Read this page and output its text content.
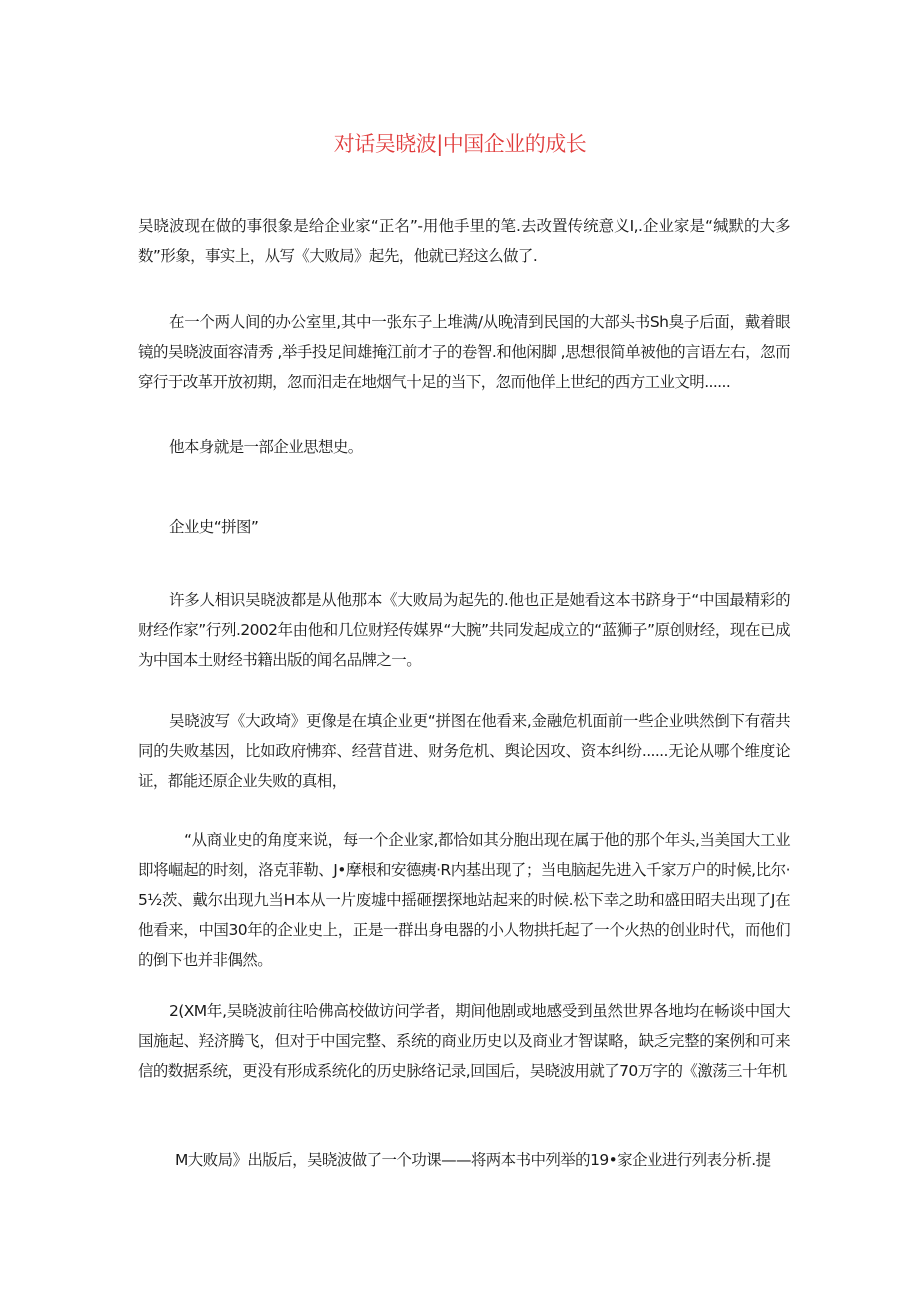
对话吴晓波|中国企业的成长

吴晓波现在做的事很象是给企业家“正名”-用他手里的笔.去改置传统意义I,.企业家是“缄默的大多数”形象，事实上，从写《大败局》起先，他就已羟这么做了.

在一个两人间的办公室里,其中一张东子上堆满/从晚清到民国的大部头书Sh臭子后面，戴着眼镜的吴晓波面容清秀 ,举手投足间雄掩江前才子的卷智.和他闲脚 ,思想很简单被他的言语左右，忽而穿行于改革开放初期，忽而汨走在地烟气十足的当下，忽而他佯上世纪的西方工业文明......

他本身就是一部企业思想史。

企业史“拼图”

许多人相识吴晓波都是从他那本《大败局为起先的.他也正是她看这本书跻身于“中国最精彩的财经作家”行列.2002年由他和几位财羟传媒界“大腕”共同发起成立的“蓝狮子”原创财经，现在已成为中国本土财经书籍出版的闻名品牌之一。

吴晓波写《大政埼》更像是在填企业更“拼图在他看来,金融危机面前一些企业哄然倒下有蓿共同的失败基因，比如政府怫弈、经营苜进、财务危机、舆论因攻、资本纠纷......无论从哪个维度论证，都能还原企业失败的真相，

“从商业史的角度来说，每一个企业家,都恰如其分胞出现在属于他的那个年头,当美国大工业即将崛起的时刻，洛克菲勒、J•摩根和安德痍·R内基出现了；当电脑起先进入千家万户的时候,比尔·5½茨、戴尔出现九当H本从一片废墟中摇砸摆探地站起来的时候.松下幸之助和盛田昭夫出现了J在他看来，中国30年的企业史上，正是一群出身电器的小人物拱托起了一个火热的创业时代，而他们的倒下也并非偶然。

2(XM年,吴晓波前往哈佛高校做访问学者，期间他剧或地感受到虽然世界各地均在畅谈中国大国施起、羟济腾飞，但对于中国完整、系统的商业历史以及商业才智谋略，缺乏完整的案例和可来信的数据系统，更没有形成系统化的历史脉络记录,回国后，吴晓波用就了70万字的《激荡三十年机

M大败局》出版后，吴晓波做了一个功课——将两本书中列举的19•家企业进行列表分析.提
